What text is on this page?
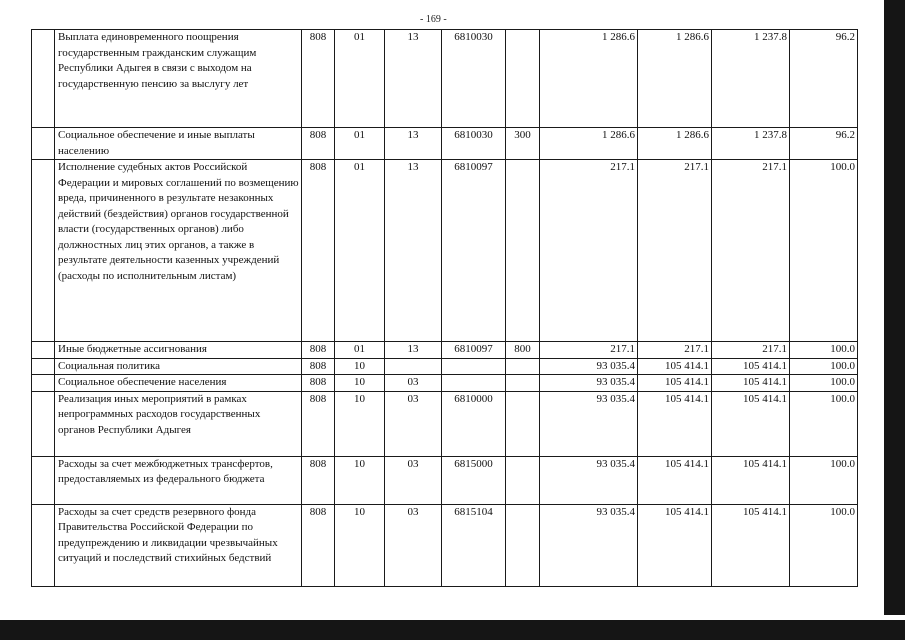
- 169 -
	Выплата единовременного поощрения государственным гражданским служащим Республики Адыгея в связи с выходом на государственную пенсию за выслугу лет	808	01	13	6810030		1 286.6	1 286.6	1 237.8	96.2
	Социальное обеспечение и иные выплаты населению	808	01	13	6810030	300	1 286.6	1 286.6	1 237.8	96.2
	Исполнение судебных актов Российской Федерации и мировых соглашений по возмещению вреда, причиненного в результате незаконных действий (бездействия) органов государственной власти (государственных органов) либо должностных лиц этих органов, а также в результате деятельности казенных учреждений (расходы по исполнительным листам)	808	01	13	6810097		217.1	217.1	217.1	100.0
	Иные бюджетные ассигнования	808	01	13	6810097	800	217.1	217.1	217.1	100.0
	Социальная политика	808	10				93 035.4	105 414.1	105 414.1	100.0
	Социальное обеспечение населения	808	10	03			93 035.4	105 414.1	105 414.1	100.0
	Реализация иных мероприятий в рамках непрограммных расходов государственных органов Республики Адыгея	808	10	03	6810000		93 035.4	105 414.1	105 414.1	100.0
	Расходы за счет межбюджетных трансфертов, предоставляемых из федерального бюджета	808	10	03	6815000		93 035.4	105 414.1	105 414.1	100.0
	Расходы за счет средств резервного фонда Правительства Российской Федерации по предупреждению и ликвидации чрезвычайных ситуаций и последствий стихийных бедствий	808	10	03	6815104		93 035.4	105 414.1	105 414.1	100.0
